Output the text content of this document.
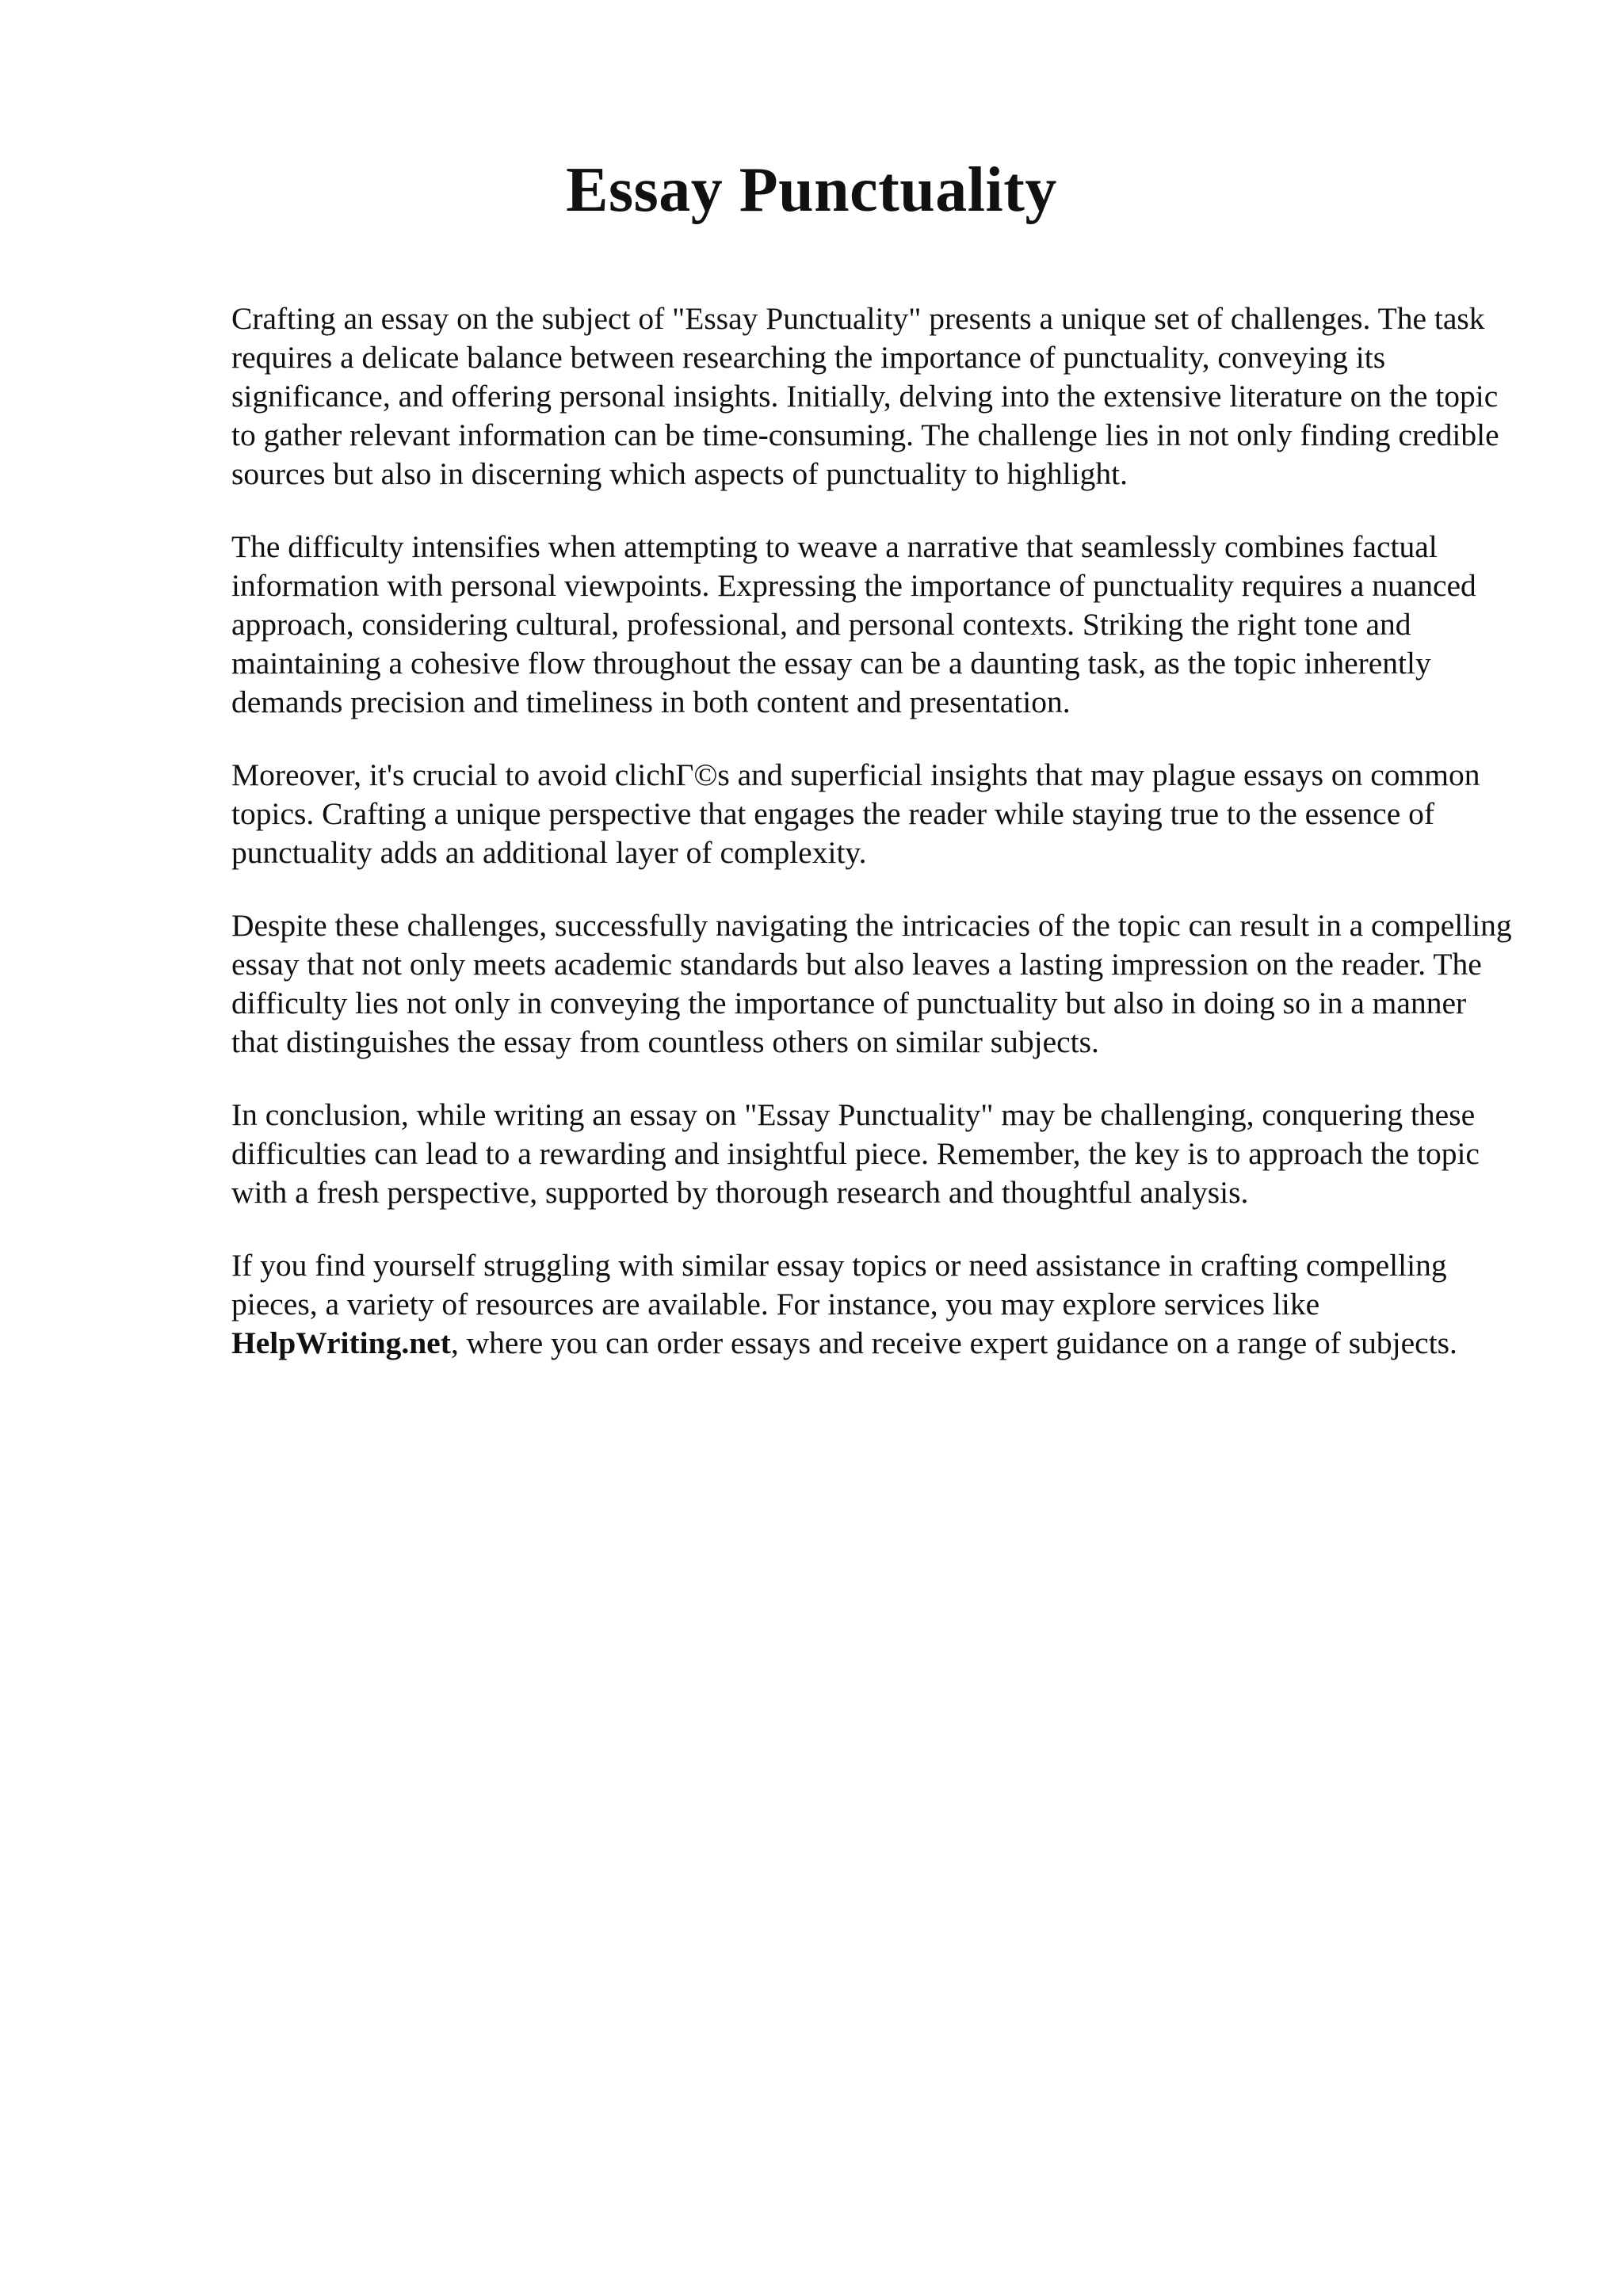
Essay Punctuality

Crafting an essay on the subject of "Essay Punctuality" presents a unique set of challenges. The task requires a delicate balance between researching the importance of punctuality, conveying its significance, and offering personal insights. Initially, delving into the extensive literature on the topic to gather relevant information can be time-consuming. The challenge lies in not only finding credible sources but also in discerning which aspects of punctuality to highlight.

The difficulty intensifies when attempting to weave a narrative that seamlessly combines factual information with personal viewpoints. Expressing the importance of punctuality requires a nuanced approach, considering cultural, professional, and personal contexts. Striking the right tone and maintaining a cohesive flow throughout the essay can be a daunting task, as the topic inherently demands precision and timeliness in both content and presentation.

Moreover, it's crucial to avoid clichΓ©s and superficial insights that may plague essays on common topics. Crafting a unique perspective that engages the reader while staying true to the essence of punctuality adds an additional layer of complexity.

Despite these challenges, successfully navigating the intricacies of the topic can result in a compelling essay that not only meets academic standards but also leaves a lasting impression on the reader. The difficulty lies not only in conveying the importance of punctuality but also in doing so in a manner that distinguishes the essay from countless others on similar subjects.

In conclusion, while writing an essay on "Essay Punctuality" may be challenging, conquering these difficulties can lead to a rewarding and insightful piece. Remember, the key is to approach the topic with a fresh perspective, supported by thorough research and thoughtful analysis.

If you find yourself struggling with similar essay topics or need assistance in crafting compelling pieces, a variety of resources are available. For instance, you may explore services like HelpWriting.net, where you can order essays and receive expert guidance on a range of subjects.
